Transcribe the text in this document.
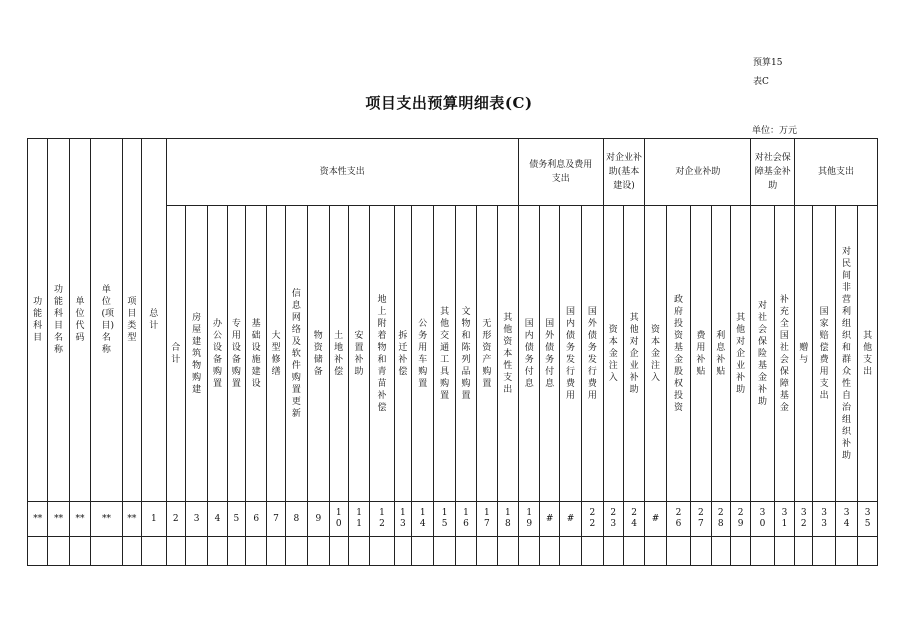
预算15
表C
项目支出预算明细表(C)
单位：万元
功能科目	功能科目名称	单位代码	单位(项目)名称	项目类型	总计	资本性支出																	债务利息及费用支出				对企业补助(基本建设)		对企业补助					对社会保障基金补助		其他支出			
						合计	房屋建筑物购建	办公设备购置	专用设备购置	基础设施建设	大型修缮	信息网络及软件购置更新	物资储备	土地补偿	安置补助	地上附着物和青苗补偿	拆迁补偿	公务用车购置	其他交通工具购置	文物和陈列品购置	无形资产购置	其他资本性支出	国内债务付息	国外债务付息	国内债务发行费用	国外债务发行费用	资本金注入	其他对企业补助	资本金注入	政府投资基金股权投资	费用补贴	利息补贴	其他对企业补助	对社会保险基金补助	补充全国社会保障基金	赠与	国家赔偿费用支出	对民间非营利组织和群众性自治组织补助	其他支出
**	**	**	**	**	1	2	3	4	5	6	7	8	9	10	11	12	13	14	15	16	17	18	19	#	#	22	23	24	#	26	27	28	29	30	31	32	33	34	35
